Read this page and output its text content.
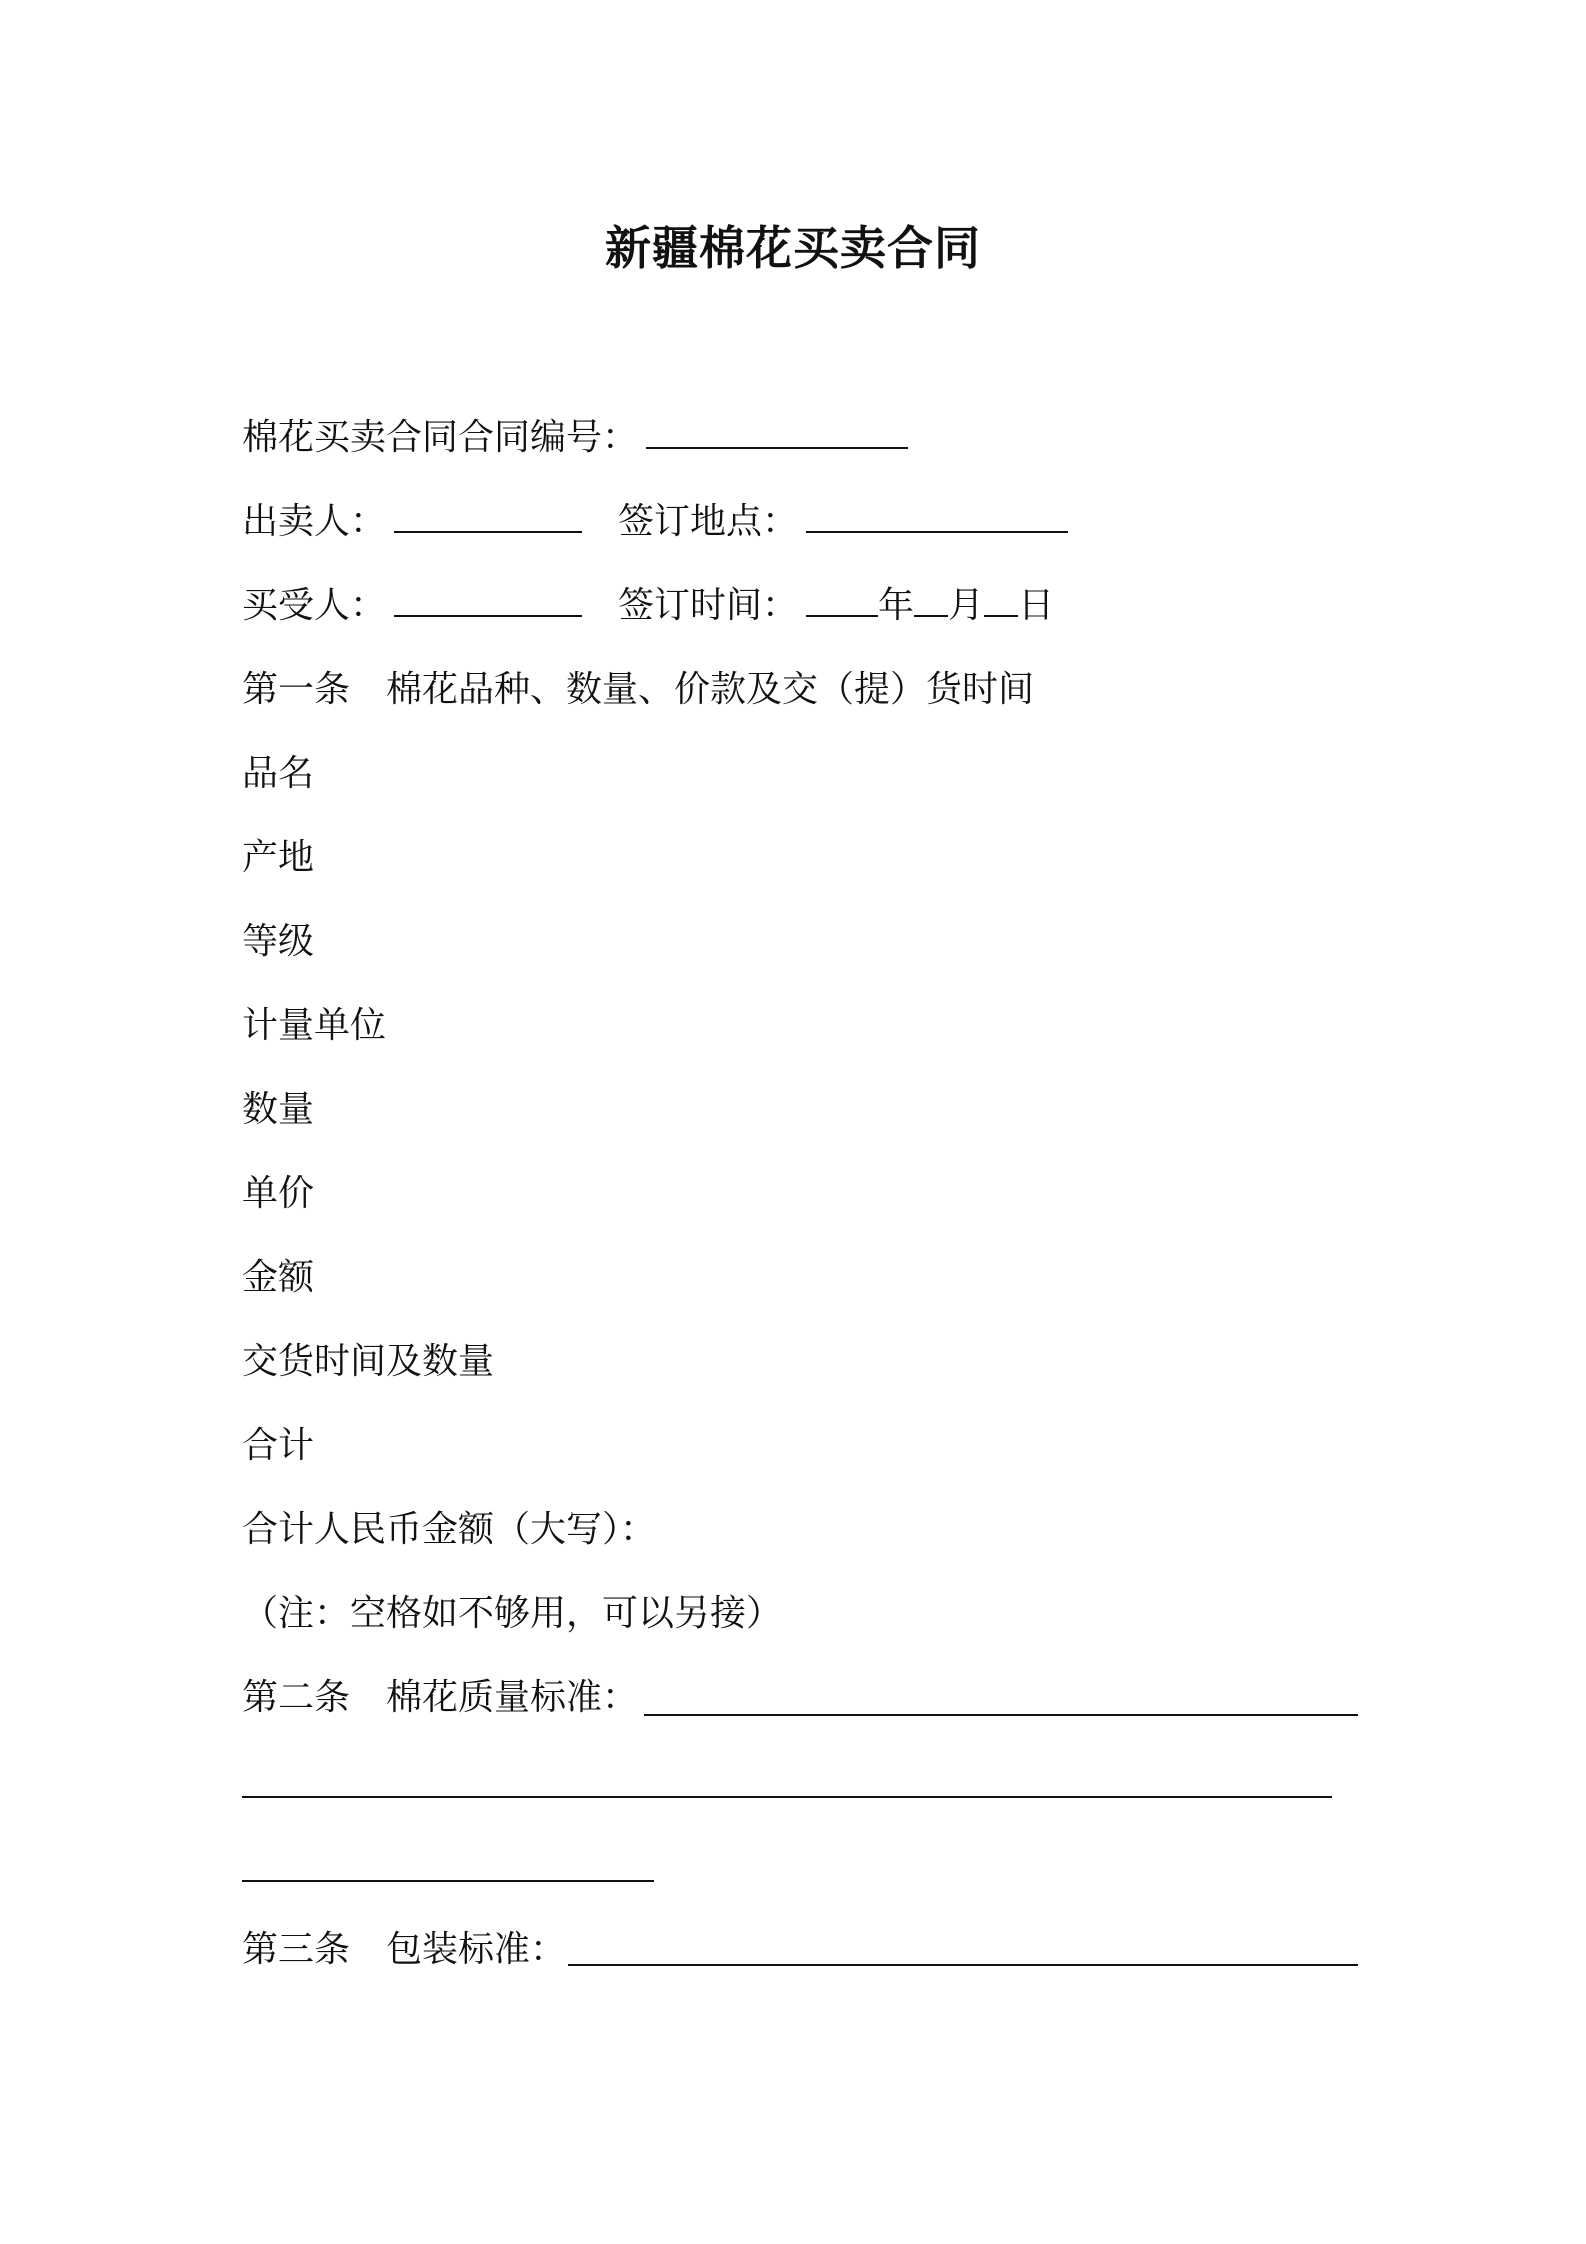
新疆棉花买卖合同
棉花买卖合同合同编号：
出卖人：	签订地点：
买受人：	签订时间： 年 月 日
第一条　棉花品种、数量、价款及交（提）货时间
品名
产地
等级
计量单位
数量
单价
金额
交货时间及数量
合计
合计人民币金额（大写）：
（注：空格如不够用，可以另接）
第二条　棉花质量标准：
第三条　包装标准：
